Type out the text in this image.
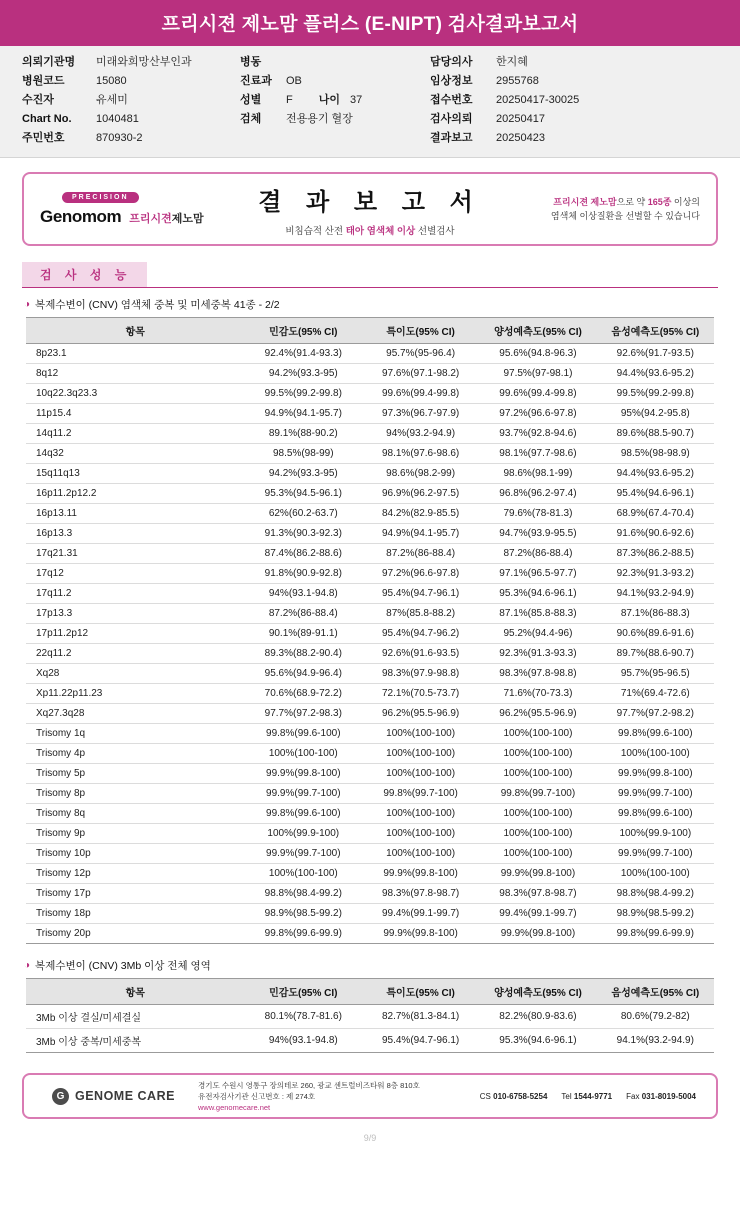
프리시젼 제노맘 플러스 (E-NIPT) 검사결과보고서
의뢰기관명	미래와희망산부인과
병원코드	15080
수진자	유세미
Chart No.	1040481
주민번호	870930-2
병동
진료과	OB
성별	F 나이 37
검체	전용용기 혈장
담당의사	한지혜
임상정보	2955768
접수번호	20250417-30025
검사의뢰	20250417
결과보고	20250423
PRECISION
Genomom 프리시젼제노맘
결 과 보 고 서
비침습적 산전 태아 염색체 이상 선별검사
프리시젼 제노맘으로 약 165종 이상의
염색체 이상질환을 선별할 수 있습니다
검 사 성 능
◑ 복제수변이 (CNV) 염색체 중복 및 미세중복 41종 - 2/2
항목	민감도(95% CI)	특이도(95% CI)	양성예측도(95% CI)	음성예측도(95% CI)
8p23.1	92.4%(91.4-93.3)	95.7%(95-96.4)	95.6%(94.8-96.3)	92.6%(91.7-93.5)
8q12	94.2%(93.3-95)	97.6%(97.1-98.2)	97.5%(97-98.1)	94.4%(93.6-95.2)
10q22.3q23.3	99.5%(99.2-99.8)	99.6%(99.4-99.8)	99.6%(99.4-99.8)	99.5%(99.2-99.8)
11p15.4	94.9%(94.1-95.7)	97.3%(96.7-97.9)	97.2%(96.6-97.8)	95%(94.2-95.8)
14q11.2	89.1%(88-90.2)	94%(93.2-94.9)	93.7%(92.8-94.6)	89.6%(88.5-90.7)
14q32	98.5%(98-99)	98.1%(97.6-98.6)	98.1%(97.7-98.6)	98.5%(98-98.9)
15q11q13	94.2%(93.3-95)	98.6%(98.2-99)	98.6%(98.1-99)	94.4%(93.6-95.2)
16p11.2p12.2	95.3%(94.5-96.1)	96.9%(96.2-97.5)	96.8%(96.2-97.4)	95.4%(94.6-96.1)
16p13.11	62%(60.2-63.7)	84.2%(82.9-85.5)	79.6%(78-81.3)	68.9%(67.4-70.4)
16p13.3	91.3%(90.3-92.3)	94.9%(94.1-95.7)	94.7%(93.9-95.5)	91.6%(90.6-92.6)
17q21.31	87.4%(86.2-88.6)	87.2%(86-88.4)	87.2%(86-88.4)	87.3%(86.2-88.5)
17q12	91.8%(90.9-92.8)	97.2%(96.6-97.8)	97.1%(96.5-97.7)	92.3%(91.3-93.2)
17q11.2	94%(93.1-94.8)	95.4%(94.7-96.1)	95.3%(94.6-96.1)	94.1%(93.2-94.9)
17p13.3	87.2%(86-88.4)	87%(85.8-88.2)	87.1%(85.8-88.3)	87.1%(86-88.3)
17p11.2p12	90.1%(89-91.1)	95.4%(94.7-96.2)	95.2%(94.4-96)	90.6%(89.6-91.6)
22q11.2	89.3%(88.2-90.4)	92.6%(91.6-93.5)	92.3%(91.3-93.3)	89.7%(88.6-90.7)
Xq28	95.6%(94.9-96.4)	98.3%(97.9-98.8)	98.3%(97.8-98.8)	95.7%(95-96.5)
Xp11.22p11.23	70.6%(68.9-72.2)	72.1%(70.5-73.7)	71.6%(70-73.3)	71%(69.4-72.6)
Xq27.3q28	97.7%(97.2-98.3)	96.2%(95.5-96.9)	96.2%(95.5-96.9)	97.7%(97.2-98.2)
Trisomy 1q	99.8%(99.6-100)	100%(100-100)	100%(100-100)	99.8%(99.6-100)
Trisomy 4p	100%(100-100)	100%(100-100)	100%(100-100)	100%(100-100)
Trisomy 5p	99.9%(99.8-100)	100%(100-100)	100%(100-100)	99.9%(99.8-100)
Trisomy 8p	99.9%(99.7-100)	99.8%(99.7-100)	99.8%(99.7-100)	99.9%(99.7-100)
Trisomy 8q	99.8%(99.6-100)	100%(100-100)	100%(100-100)	99.8%(99.6-100)
Trisomy 9p	100%(99.9-100)	100%(100-100)	100%(100-100)	100%(99.9-100)
Trisomy 10p	99.9%(99.7-100)	100%(100-100)	100%(100-100)	99.9%(99.7-100)
Trisomy 12p	100%(100-100)	99.9%(99.8-100)	99.9%(99.8-100)	100%(100-100)
Trisomy 17p	98.8%(98.4-99.2)	98.3%(97.8-98.7)	98.3%(97.8-98.7)	98.8%(98.4-99.2)
Trisomy 18p	98.9%(98.5-99.2)	99.4%(99.1-99.7)	99.4%(99.1-99.7)	98.9%(98.5-99.2)
Trisomy 20p	99.8%(99.6-99.9)	99.9%(99.8-100)	99.9%(99.8-100)	99.8%(99.6-99.9)
◑ 복제수변이 (CNV) 3Mb 이상 전체 영역
항목	민감도(95% CI)	특이도(95% CI)	양성예측도(95% CI)	음성예측도(95% CI)
3Mb 이상 결실/미세결실	80.1%(78.7-81.6)	82.7%(81.3-84.1)	82.2%(80.9-83.6)	80.6%(79.2-82)
3Mb 이상 중복/미세중복	94%(93.1-94.8)	95.4%(94.7-96.1)	95.3%(94.6-96.1)	94.1%(93.2-94.9)
G GENOME CARE
경기도 수원시 영통구 장의테로 260, 광교 센트럴비즈타워 8층 810호
유전자검사기관 신고번호 : 제 274호
www.genomecare.net
CS 010-6758-5254 Tel 1544-9771 Fax 031-8019-5004
9/9
